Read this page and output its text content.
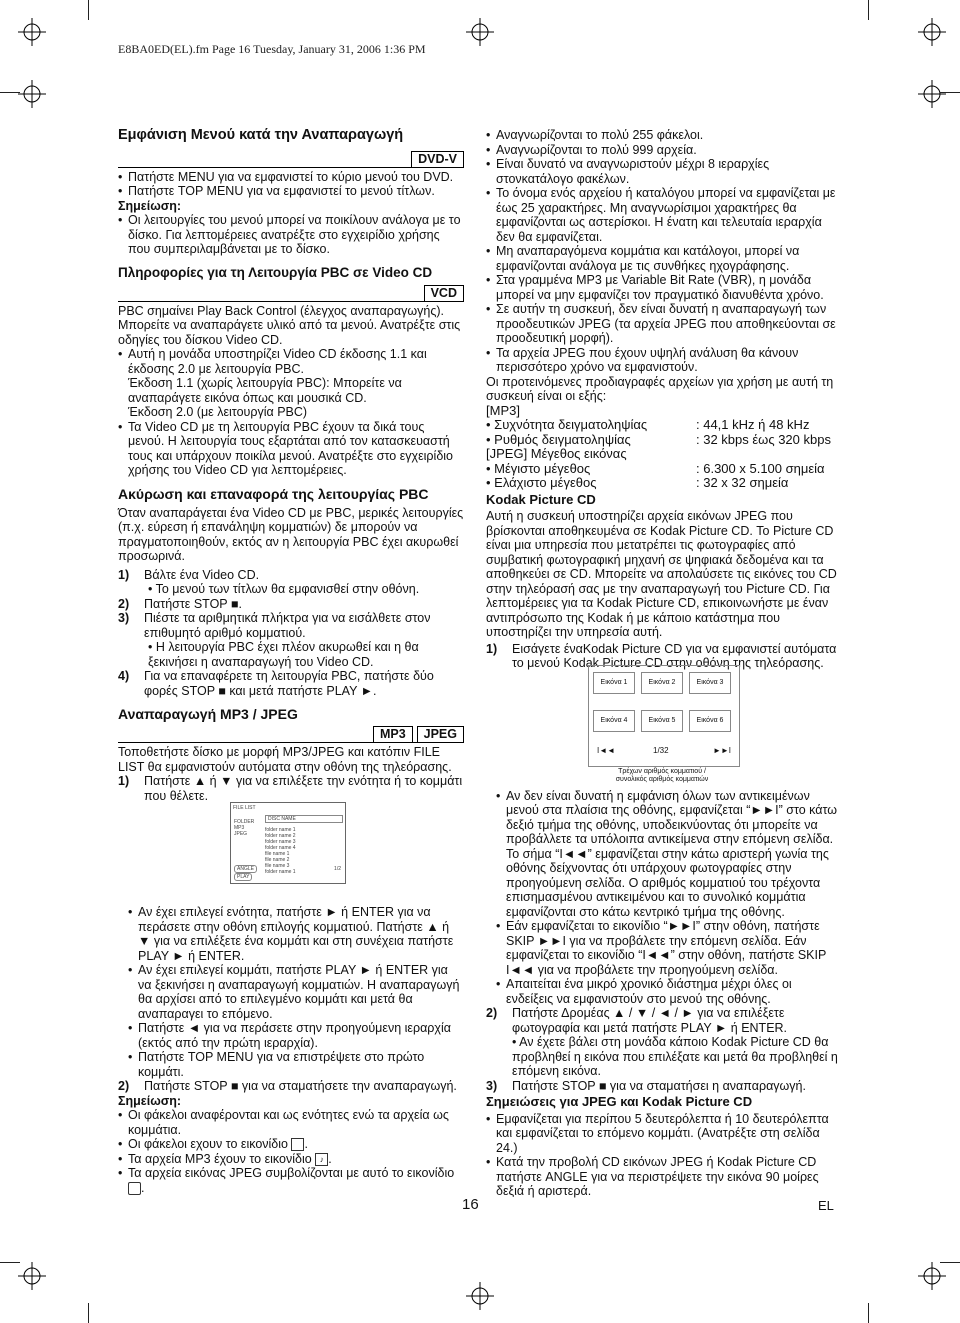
E8BA0ED(EL).fm Page 16 Tuesday, January 31, 2006 1:36 PM
Εμφάνιση Μενού κατά την Αναπαραγωγή
DVD-V
• Πατήστε MENU για να εμφανιστεί το κύριο μενού του DVD.
• Πατήστε TOP MENU για να εμφανιστεί το μενού τίτλων.
Σημείωση:
• Οι λειτουργίες του μενού μπορεί να ποικίλουν ανάλογα με το δίσκο. Για λεπτομέρειες ανατρέξτε στο εγχειρίδιο χρήσης που συμπεριλαμβάνεται με το δίσκο.
Πληροφορίες για τη Λειτουργία PBC σε Video CD
VCD
PBC σημαίνει Play Back Control (έλεγχος αναπαραγωγής). Μπορείτε να αναπαράγετε υλικό από τα μενού. Ανατρέξτε στις οδηγίες του δίσκου Video CD.
• Αυτή η μονάδα υποστηρίζει Video CD έκδοσης 1.1 και έκδοσης 2.0 με λειτουργία PBC.
Έκδοση 1.1 (χωρίς λειτουργία PBC): Μπορείτε να αναπαράγετε εικόνα όπως και μουσικά CD.
Έκδοση 2.0 (με λειτουργία PBC)
• Τα Video CD με τη λειτουργία PBC έχουν τα δικά τους μενού. Η λειτουργία τους εξαρτάται από τον κατασκευαστή τους και υπάρχουν ποικίλα μενού. Ανατρέξτε στο εγχειρίδιο χρήσης του Video CD για λεπτομέρειες.
Ακύρωση και επαναφορά της λειτουργίας PBC
Όταν αναπαράγεται ένα Video CD με PBC, μερικές λειτουργίες (π.χ. εύρεση ή επανάληψη κομματιών) δε μπορούν να πραγματοποιηθούν, εκτός αν η λειτουργία PBC έχει ακυρωθεί προσωρινά.
1) Βάλτε ένα Video CD.
• Το μενού των τίτλων θα εμφανισθεί στην οθόνη.
2) Πατήστε STOP ■.
3) Πιέστε τα αριθμητικά πλήκτρα για να εισάλθετε στον επιθυμητό αριθμό κομματιού.
• Η λειτουργία PBC έχει πλέον ακυρωθεί και η θα ξεκινήσει η αναπαραγωγή του Video CD.
4) Για να επαναφέρετε τη λειτουργία PBC, πατήστε δύο φορές STOP ■ και μετά πατήστε PLAY ►.
Αναπαραγωγή MP3 / JPEG
MP3 JPEG
Τοποθετήστε δίσκο με μορφή MP3/JPEG και κατόπιν FILE LIST θα εμφανιστούν αυτόματα στην οθόνη της τηλεόρασης.
1) Πατήστε ▲ ή ▼ για να επιλέξετε την ενότητα ή το κομμάτι που θέλετε.
• Αν έχει επιλεγεί ενότητα, πατήστε ► ή ENTER για να περάσετε στην οθόνη επιλογής κομματιού. Πατήστε ▲ ή ▼ για να επιλέξετε ένα κομμάτι και στη συνέχεια πατήστε PLAY ► ή ENTER.
• Αν έχει επιλεγεί κομμάτι, πατήστε PLAY ► ή ENTER για να ξεκινήσει η αναπαραγωγή κομματιών. Η αναπαραγωγή θα αρχίσει από το επιλεγμένο κομμάτι και μετά θα αναπαραγει το επόμενο.
• Πατήστε ◄ για να περάσετε στην προηγούμενη ιεραρχία (εκτός από την πρώτη ιεραρχία).
• Πατήστε TOP MENU για να επιστρέψετε στο πρώτο κομμάτι.
2) Πατήστε STOP ■ για να σταματήσετε την αναπαραγωγή.
Σημείωση:
• Οι φάκελοι αναφέρονται και ως ενότητες ενώ τα αρχεία ως κομμάτια.
• Οι φάκελοι εχουν το εικονίδιο .
• Τα αρχεία MP3 έχουν το εικονίδιο ♪ .
• Τα αρχεία εικόνας JPEG συμβολίζονται με αυτό το εικονίδιο .
FILE LIST
DISC NAME
FOLDER
MP3
JPEG
ANGLE
PLAY
folder name 1
folder name 2
folder name 3
folder name 4
file name 1
file name 2
file name 3
folder name 1	1/2
• Αναγνωρίζονται το πολύ 255 φάκελοι.
• Αναγνωρίζονται το πολύ 999 αρχεία.
• Είναι δυνατό να αναγνωριστούν μέχρι 8 ιεραρχίες στονκατάλογο φακέλων.
• Το όνομα ενός αρχείου ή καταλόγου μπορεί να εμφανίζεται με έως 25 χαρακτήρες. Μη αναγνωρίσιμοι χαρακτήρες θα εμφανίζονται ως αστερίσκοι. Η ένατη και τελευταία ιεραρχία δεν θα εμφανίζεται.
• Μη αναπαραγόμενα κομμάτια και κατάλογοι, μπορεί να εμφανίζονται ανάλογα με τις συνθήκες ηχογράφησης.
• Στα γραμμένα MP3 με Variable Bit Rate (VBR), η μονάδα μπορεί να μην εμφανίζει τον πραγματικό διανυθέντα χρόνο.
• Σε αυτήν τη συσκευή, δεν είναι δυνατή η αναπαραγωγή των προοδευτικών JPEG (τα αρχεία JPEG που αποθηκεύονται σε προοδευτική μορφή).
• Τα αρχεία JPEG που έχουν υψηλή ανάλυση θα κάνουν περισσότερο χρόνο να εμφανιστούν.
Οι προτεινόμενες προδιαγραφές αρχείων για χρήση με αυτή τη συσκευή είναι οι εξής:
[MP3]
• Συχνότητα δειγματοληψίας	: 44,1 kHz ή 48 kHz
• Ρυθμός δειγματοληψίας	: 32 kbps έως 320 kbps
[JPEG] Μέγεθος εικόνας
• Μέγιστο μέγεθος	: 6.300 x 5.100 σημεία
• Ελάχιστο μέγεθος	: 32 x 32 σημεία
Kodak Picture CD
Αυτή η συσκευή υποστηρίζει αρχεία εικόνων JPEG που βρίσκονται αποθηκευμένα σε Kodak Picture CD. Το Picture CD είναι μια υπηρεσία που μετατρέπει τις φωτογραφίες από συμβατική φωτογραφική μηχανή σε ψηφιακά δεδομένα και τα αποθηκεύει σε CD. Μπορείτε να απολαύσετε τις εικόνες του CD στην τηλεόρασή σας με την αναπαραγωγή του Picture CD. Για λεπτομέρειες για τα Kodak Picture CD, επικοινωνήστε με έναν αντιπρόσωπο της Kodak ή με κάποιο κατάστημα που υποστηρίζει την υπηρεσία αυτή.
1) Εισάγετε έναKodak Picture CD για να εμφανιστεί αυτόματα το μενού Kodak Picture CD στην οθόνη της τηλεόρασης.
• Αν δεν είναι δυνατή η εμφάνιση όλων των αντικειμένων μενού στα πλαίσια της οθόνης, εμφανίζεται “►►I” στο κάτω δεξιό τμήμα της οθόνης, υποδεικνύοντας ότι μπορείτε να προβάλλετε τα υπόλοιπα αντικείμενα στην επόμενη σελίδα. Το σήμα “I◄◄” εμφανίζεται στην κάτω αριστερή γωνία της οθόνης δείχνοντας ότι υπάρχουν φωτογραφίες στην προηγούμενη σελίδα. Ο αριθμός κομματιού του τρέχοντα επισημασμένου αντικειμένου και το συνολικό κομμάτια εμφανίζονται στο κάτω κεντρικό τμήμα της οθόνης.
• Εάν εμφανίζεται το εικονίδιο “►►I” στην οθόνη, πατήστε SKIP ►►I για να προβάλετε την επόμενη σελίδα. Εάν εμφανίζεται το εικονίδιο “I◄◄” στην οθόνη, πατήστε SKIP I◄◄ για να προβάλετε την προηγούμενη σελίδα.
• Απαιτείται ένα μικρό χρονικό διάστημα μέχρι όλες οι ενδείξεις να εμφανιστούν στο μενού της οθόνης.
2) Πατήστε Δρομέας ▲ / ▼ / ◄ / ► για να επιλέξετε φωτογραφία και μετά πατήστε PLAY ► ή ENTER.
• Αν έχετε βάλει στη μονάδα κάποιο Kodak Picture CD θα προβληθεί η εικόνα που επιλέξατε και μετά θα προβληθεί η επόμενη εικόνα.
3) Πατήστε STOP ■ για να σταματήσει η αναπαραγωγή.
Σημειώσεις για JPEG και Kodak Picture CD
• Εμφανίζεται για περίπου 5 δευτερόλεπτα ή 10 δευτερόλεπτα και εμφανίζεται το επόμενο κομμάτι. (Ανατρέξτε στη σελίδα 24.)
• Κατά την προβολή CD εικόνων JPEG ή Kodak Picture CD πατήστε ANGLE για να περιστρέψετε την εικόνα 90 μοίρες δεξιά ή αριστερά.
Εικόνα 1	Εικόνα 2	Εικόνα 3
Εικόνα 4	Εικόνα 5	Εικόνα 6
I◄◄	1/32	►►I
Τρέχων αριθμός κομματιού / συνολικός αριθμός κομματιών
16	EL
